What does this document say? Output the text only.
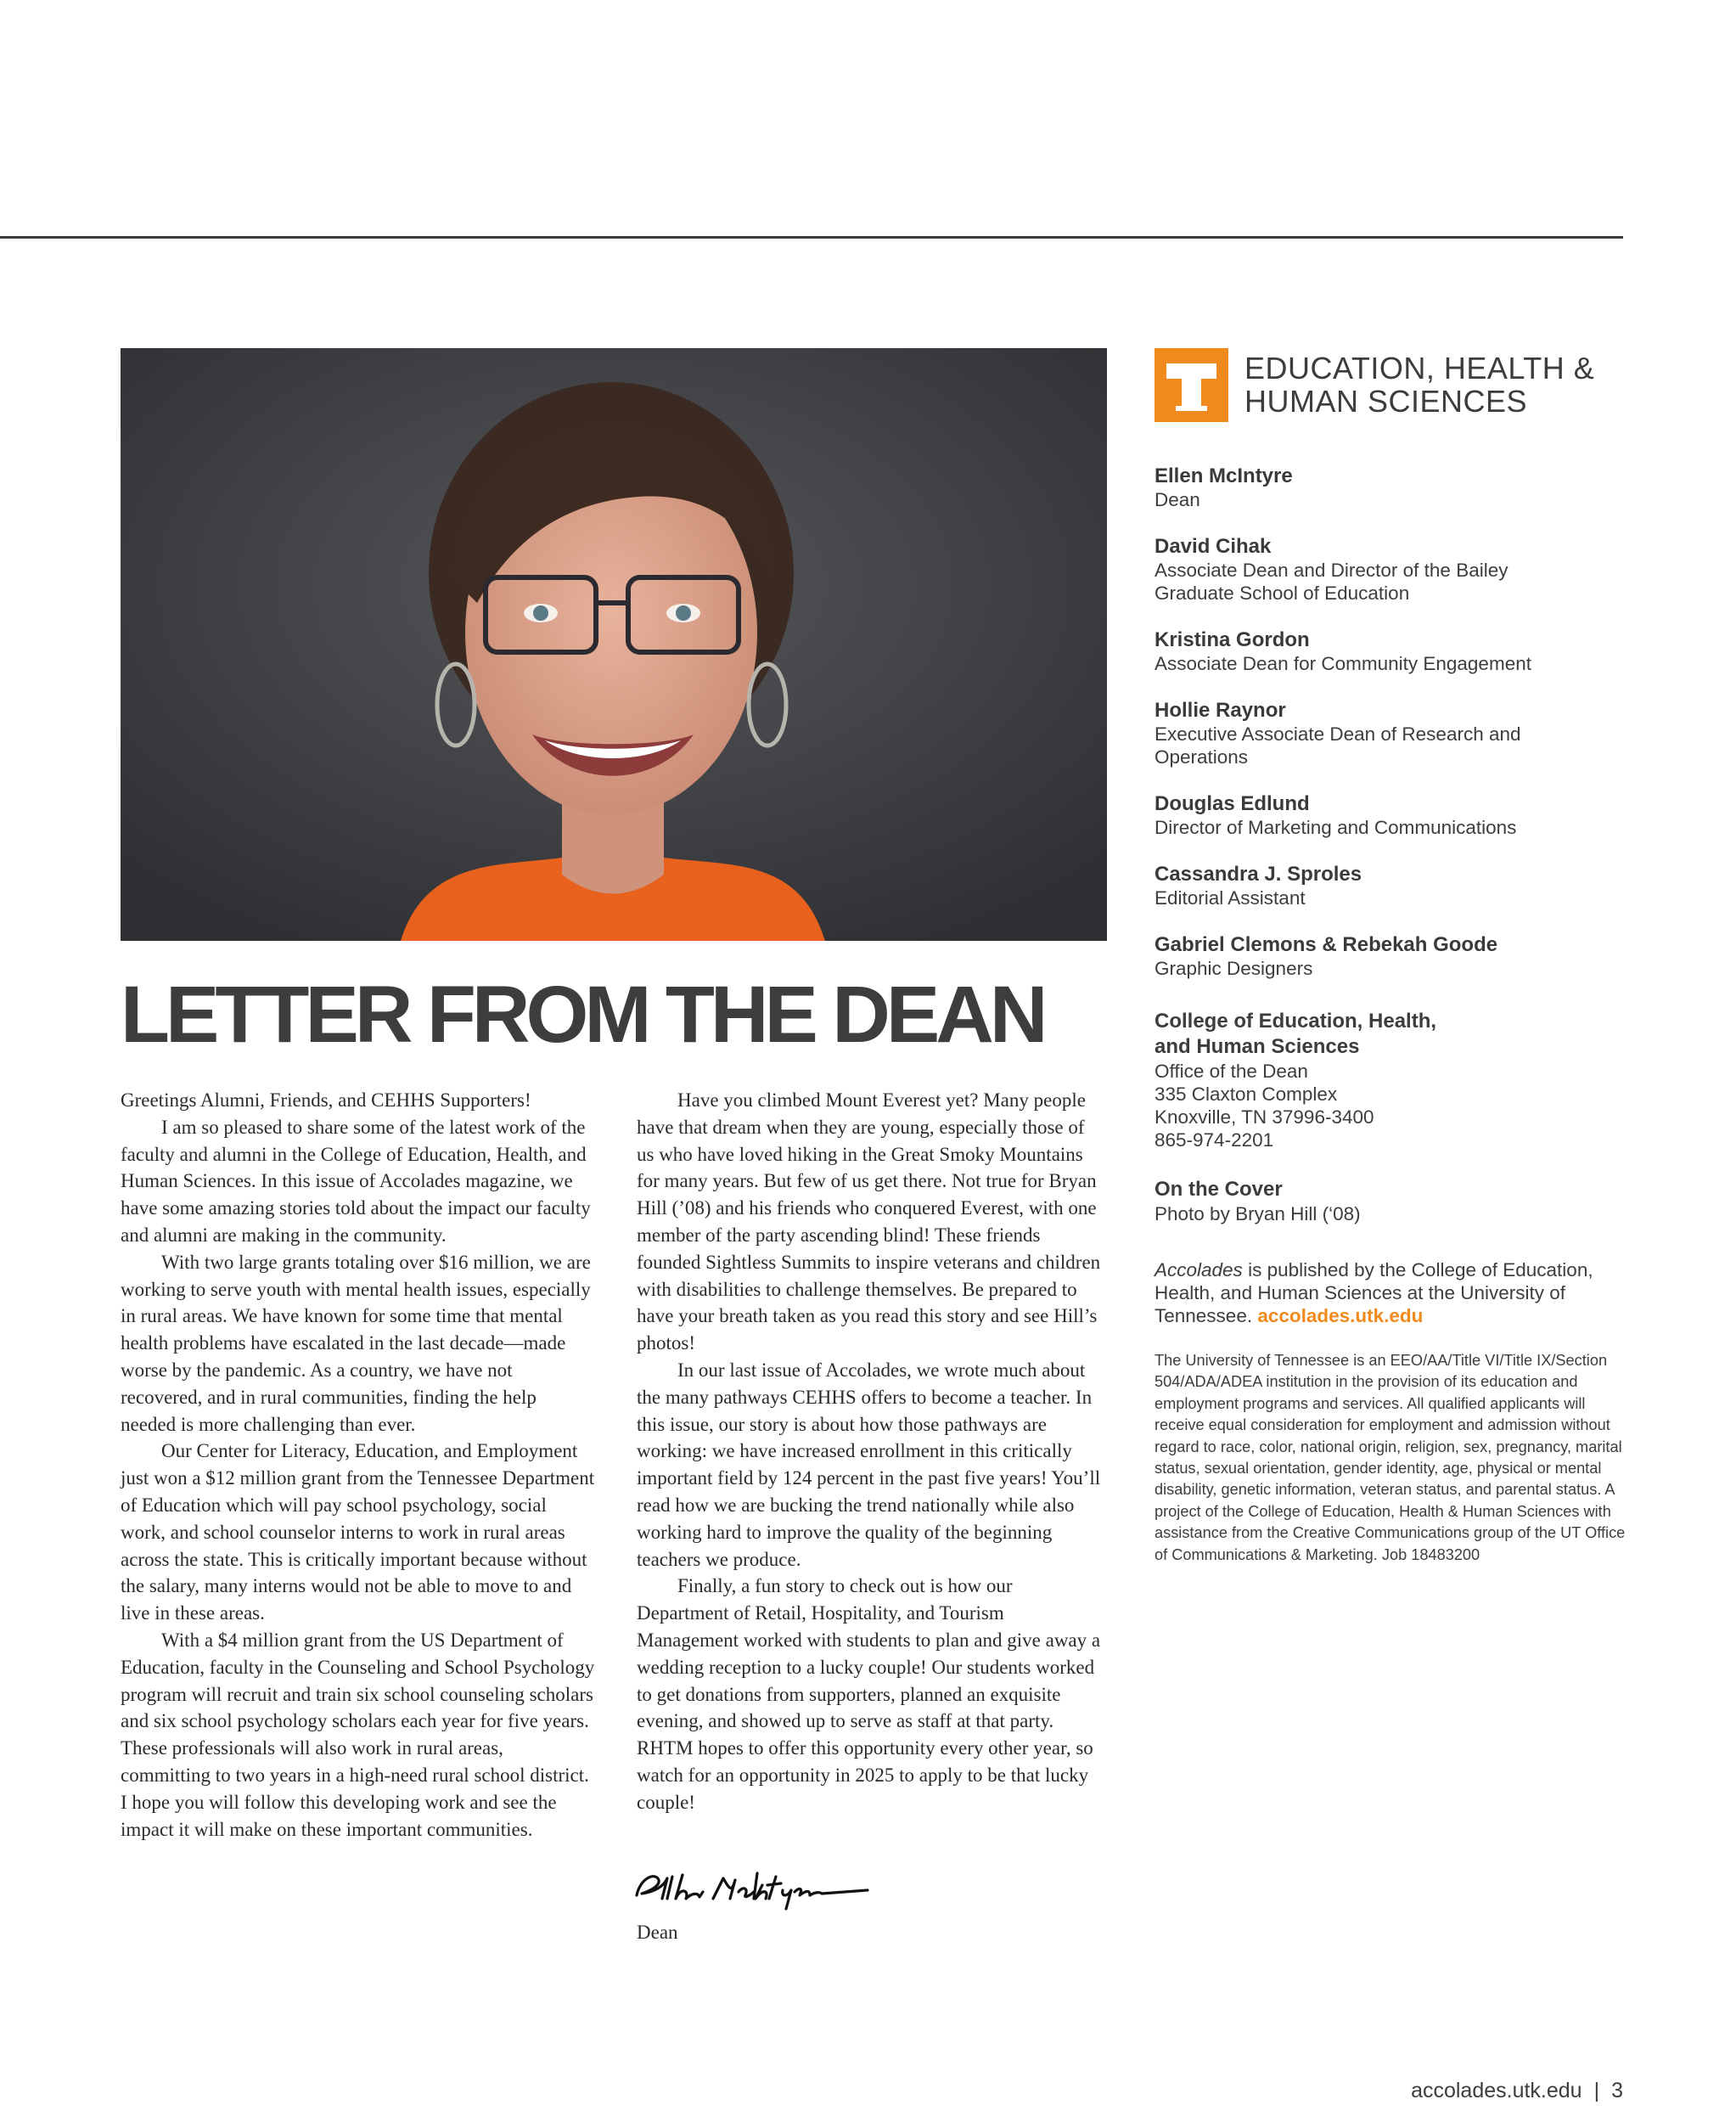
LETTER FROM THE DEAN

Greetings Alumni, Friends, and CEHHS Supporters!

I am so pleased to share some of the latest work of the faculty and alumni in the College of Education, Health, and Human Sciences. In this issue of Accolades magazine, we have some amazing stories told about the impact our faculty and alumni are making in the community.

With two large grants totaling over $16 million, we are working to serve youth with mental health issues, especially in rural areas. We have known for some time that mental health problems have escalated in the last decade—made worse by the pandemic. As a country, we have not recovered, and in rural communities, finding the help needed is more challenging than ever.

Our Center for Literacy, Education, and Employment just won a $12 million grant from the Tennessee Department of Education which will pay school psychology, social work, and school counselor interns to work in rural areas across the state. This is critically important because without the salary, many interns would not be able to move to and live in these areas.

With a $4 million grant from the US Department of Education, faculty in the Counseling and School Psychology program will recruit and train six school counseling scholars and six school psychology scholars each year for five years. These professionals will also work in rural areas, committing to two years in a high-need rural school district. I hope you will follow this developing work and see the impact it will make on these important communities.

Have you climbed Mount Everest yet? Many people have that dream when they are young, especially those of us who have loved hiking in the Great Smoky Mountains for many years. But few of us get there. Not true for Bryan Hill (’08) and his friends who conquered Everest, with one member of the party ascending blind! These friends founded Sightless Summits to inspire veterans and children with disabilities to challenge themselves. Be prepared to have your breath taken as you read this story and see Hill’s photos!

In our last issue of Accolades, we wrote much about the many pathways CEHHS offers to become a teacher. In this issue, our story is about how those pathways are working: we have increased enrollment in this critically important field by 124 percent in the past five years! You’ll read how we are bucking the trend nationally while also working hard to improve the quality of the beginning teachers we produce.

Finally, a fun story to check out is how our Department of Retail, Hospitality, and Tourism Management worked with students to plan and give away a wedding reception to a lucky couple! Our students worked to get donations from supporters, planned an exquisite evening, and showed up to serve as staff at that party. RHTM hopes to offer this opportunity every other year, so watch for an opportunity in 2025 to apply to be that lucky couple!

Dean
EDUCATION, HEALTH &
HUMAN SCIENCES
Ellen McIntyre
Dean
David Cihak
Associate Dean and Director of the Bailey Graduate School of Education
Kristina Gordon
Associate Dean for Community Engagement
Hollie Raynor
Executive Associate Dean of Research and Operations
Douglas Edlund
Director of Marketing and Communications
Cassandra J. Sproles
Editorial Assistant
Gabriel Clemons & Rebekah Goode
Graphic Designers
College of Education, Health,
and Human Sciences
Office of the Dean
335 Claxton Complex
Knoxville, TN 37996-3400
865-974-2201
On the Cover
Photo by Bryan Hill (‘08)
Accolades is published by the College of Education, Health, and Human Sciences at the University of Tennessee. accolades.utk.edu
The University of Tennessee is an EEO/AA/Title VI/Title IX/Section 504/ADA/ADEA institution in the provision of its education and employment programs and services. All qualified applicants will receive equal consideration for employment and admission without regard to race, color, national origin, religion, sex, pregnancy, marital status, sexual orientation, gender identity, age, physical or mental disability, genetic information, veteran status, and parental status. A project of the College of Education, Health & Human Sciences with assistance from the Creative Communications group of the UT Office of Communications & Marketing. Job 18483200
accolades.utk.edu | 3
